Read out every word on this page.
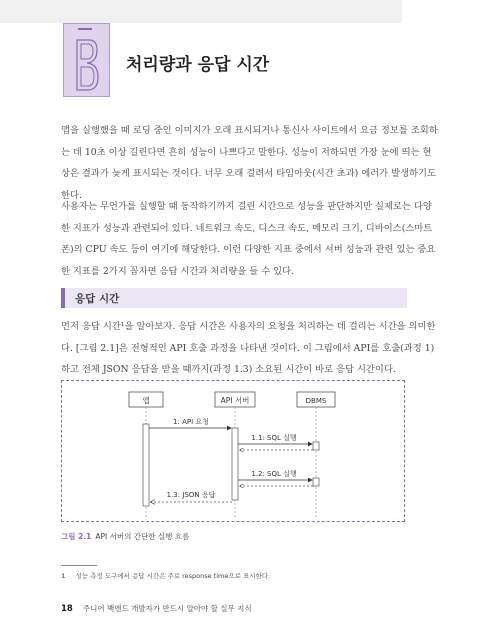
처리량과 응답 시간

앱을 실행했을 때 로딩 중인 이미지가 오래 표시되거나 통신사 사이트에서 요금 정보를 조회하
는 데 10초 이상 길린다면 흔히 성능이 나쁘다고 말한다. 성능이 저하되면 가장 눈에 띄는 현
상은 결과가 늦게 표시되는 것이다. 너무 오래 걸려서 타임아웃(시간 초과) 에러가 발생하기도
한다.

사용자는 무언가를 실행할 때 동작하기까지 걸린 시간으로 성능을 판단하지만 실제로는 다양
한 지표가 성능과 관련되어 있다. 네트워크 속도, 디스크 속도, 메모리 크기, 디바이스(스마트
폰)의 CPU 속도 등이 여기에 해당한다. 이런 다양한 지표 중에서 서버 성능과 관련 있는 중요
한 지표를 2가지 꼽자면 응답 시간과 처리량을 들 수 있다.

응답 시간

먼저 응답 시간¹을 알아보자. 응답 시간은 사용자의 요청을 처리하는 데 걸리는 시간을 의미한
다. [그림 2.1]은 전형적인 API 호출 과정을 나타낸 것이다. 이 그림에서 API를 호출(과정 1)
하고 전체 JSON 응답을 받을 때까지(과정 1.3) 소요된 시간이 바로 응답 시간이다.

앱	API 서버	DBMS
1: API 요청
1.1: SQL 실행
1.2: SQL 실행
1.3: JSON 응답
그림 2.1 API 서버의 간단한 실행 흐름
1 성능 측정 도구에서 응답 시간은 주로 response time으로 표시한다.
18 주니어 백엔드 개발자가 반드시 알아야 할 실무 지식
